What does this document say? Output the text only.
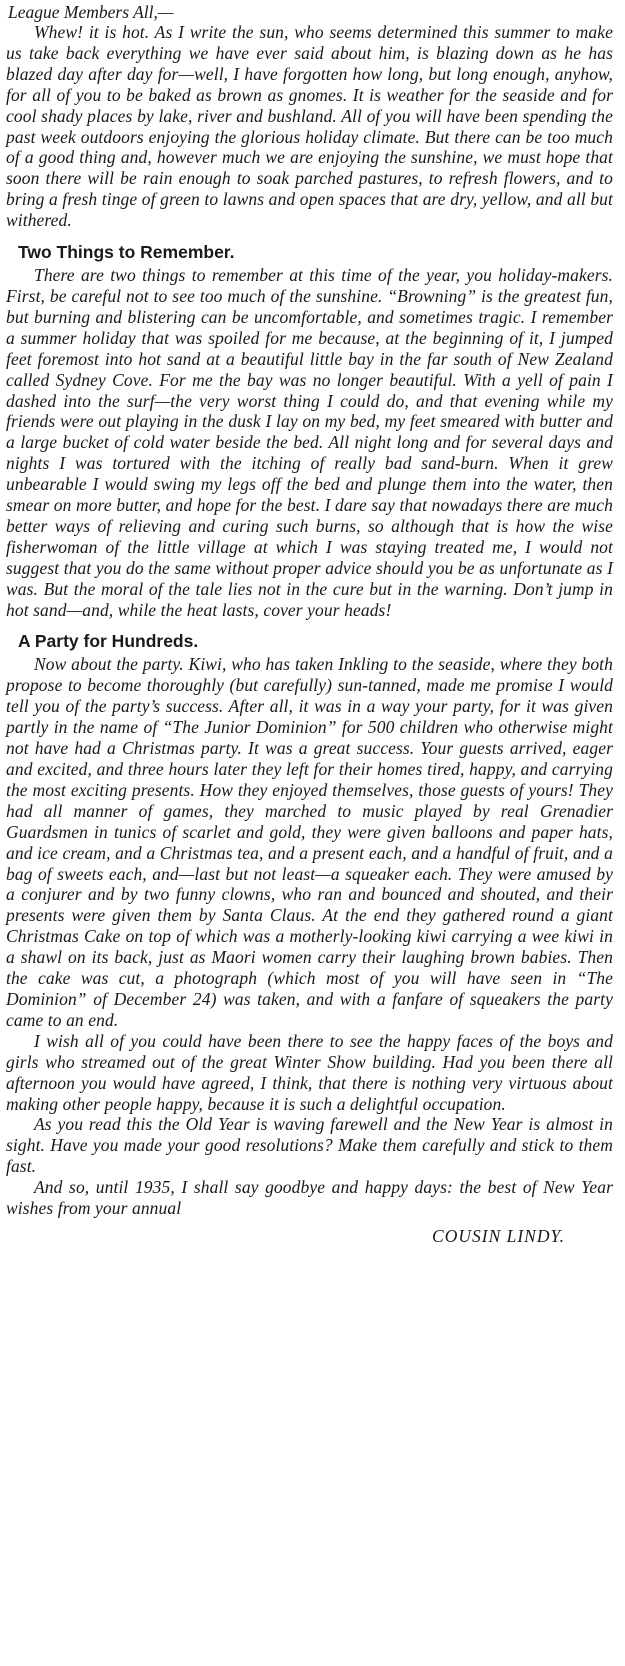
League Members All,—

Whew! it is hot. As I write the sun, who seems determined this summer to make us take back everything we have ever said about him, is blazing down as he has blazed day after day for—well, I have forgotten how long, but long enough, anyhow, for all of you to be baked as brown as gnomes. It is weather for the seaside and for cool shady places by lake, river and bushland. All of you will have been spending the past week outdoors enjoying the glorious holiday climate. But there can be too much of a good thing and, however much we are enjoying the sunshine, we must hope that soon there will be rain enough to soak parched pastures, to refresh flowers, and to bring a fresh tinge of green to lawns and open spaces that are dry, yellow, and all but withered.

Two Things to Remember.

There are two things to remember at this time of the year, you holiday-makers. First, be careful not to see too much of the sunshine. “Browning” is the greatest fun, but burning and blistering can be uncomfortable, and sometimes tragic. I remember a summer holiday that was spoiled for me because, at the beginning of it, I jumped feet foremost into hot sand at a beautiful little bay in the far south of New Zealand called Sydney Cove. For me the bay was no longer beautiful. With a yell of pain I dashed into the surf—the very worst thing I could do, and that evening while my friends were out playing in the dusk I lay on my bed, my feet smeared with butter and a large bucket of cold water beside the bed. All night long and for several days and nights I was tortured with the itching of really bad sand-burn. When it grew unbearable I would swing my legs off the bed and plunge them into the water, then smear on more butter, and hope for the best. I dare say that nowadays there are much better ways of relieving and curing such burns, so although that is how the wise fisherwoman of the little village at which I was staying treated me, I would not suggest that you do the same without proper advice should you be as unfortunate as I was. But the moral of the tale lies not in the cure but in the warning. Don’t jump in hot sand—and, while the heat lasts, cover your heads!

A Party for Hundreds.

Now about the party. Kiwi, who has taken Inkling to the seaside, where they both propose to become thoroughly (but carefully) sun-tanned, made me promise I would tell you of the party’s success. After all, it was in a way your party, for it was given partly in the name of “The Junior Dominion” for 500 children who otherwise might not have had a Christmas party. It was a great success. Your guests arrived, eager and excited, and three hours later they left for their homes tired, happy, and carrying the most exciting presents. How they enjoyed themselves, those guests of yours! They had all manner of games, they marched to music played by real Grenadier Guardsmen in tunics of scarlet and gold, they were given balloons and paper hats, and ice cream, and a Christmas tea, and a present each, and a handful of fruit, and a bag of sweets each, and—last but not least—a squeaker each. They were amused by a conjurer and by two funny clowns, who ran and bounced and shouted, and their presents were given them by Santa Claus. At the end they gathered round a giant Christmas Cake on top of which was a motherly-looking kiwi carrying a wee kiwi in a shawl on its back, just as Maori women carry their laughing brown babies. Then the cake was cut, a photograph (which most of you will have seen in “The Dominion” of December 24) was taken, and with a fanfare of squeakers the party came to an end.

I wish all of you could have been there to see the happy faces of the boys and girls who streamed out of the great Winter Show building. Had you been there all afternoon you would have agreed, I think, that there is nothing very virtuous about making other people happy, because it is such a delightful occupation.

As you read this the Old Year is waving farewell and the New Year is almost in sight. Have you made your good resolutions? Make them carefully and stick to them fast.

And so, until 1935, I shall say goodbye and happy days: the best of New Year wishes from your annual

COUSIN LINDY.
